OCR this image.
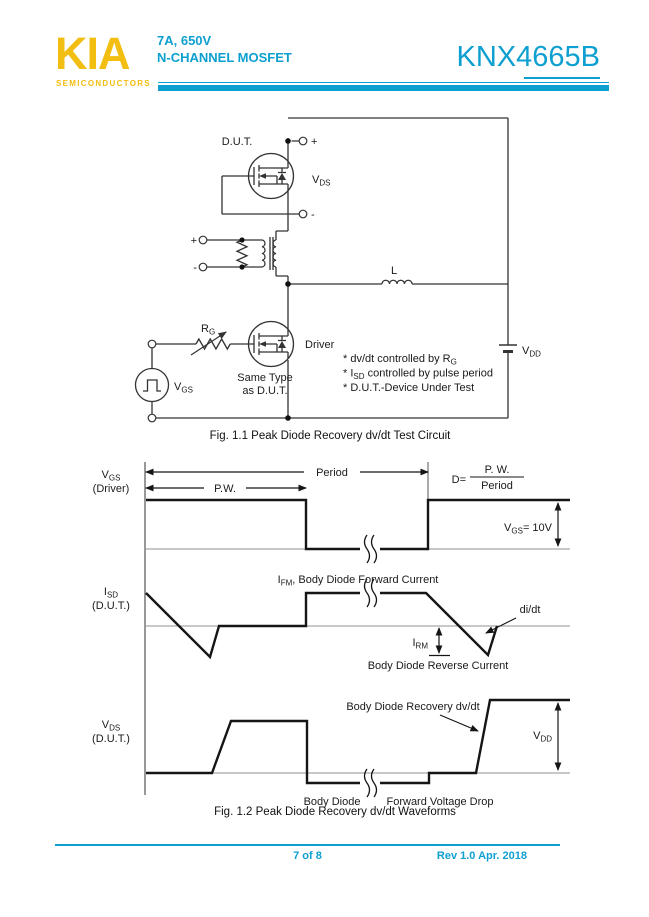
KIA
SEMICONDUCTORS
7A, 650V
N-CHANNEL MOSFET	KNX4665B
D.U.T.	+
$V_{DS}$
-
+
-	L
$R_G$
Driver
Same Type
as D.U.T.
$V_{GS}$
$V_{DD}$
* dv/dt controlled by $R_G$
* $I_{SD}$ controlled by pulse period
* D.U.T.-Device Under Test
Fig. 1.1 Peak Diode Recovery dv/dt Test Circuit
Period
P.W.
D=
P. W.
Period
$V_{GS}= 10V$
$V_{GS}$
(Driver)
$I_{SD}$
(D.U.T.)
$V_{DS}$
(D.U.T.)
$I_{FM}$, Body Diode Forward Current
di/dt
$I_{RM}$
Body Diode Reverse Current
Body Diode Recovery dv/dt
$V_{DD}$
Body Diode Forward Voltage Drop
Fig. 1.2 Peak Diode Recovery dv/dt Waveforms
7 of 8	Rev 1.0 Apr. 2018
